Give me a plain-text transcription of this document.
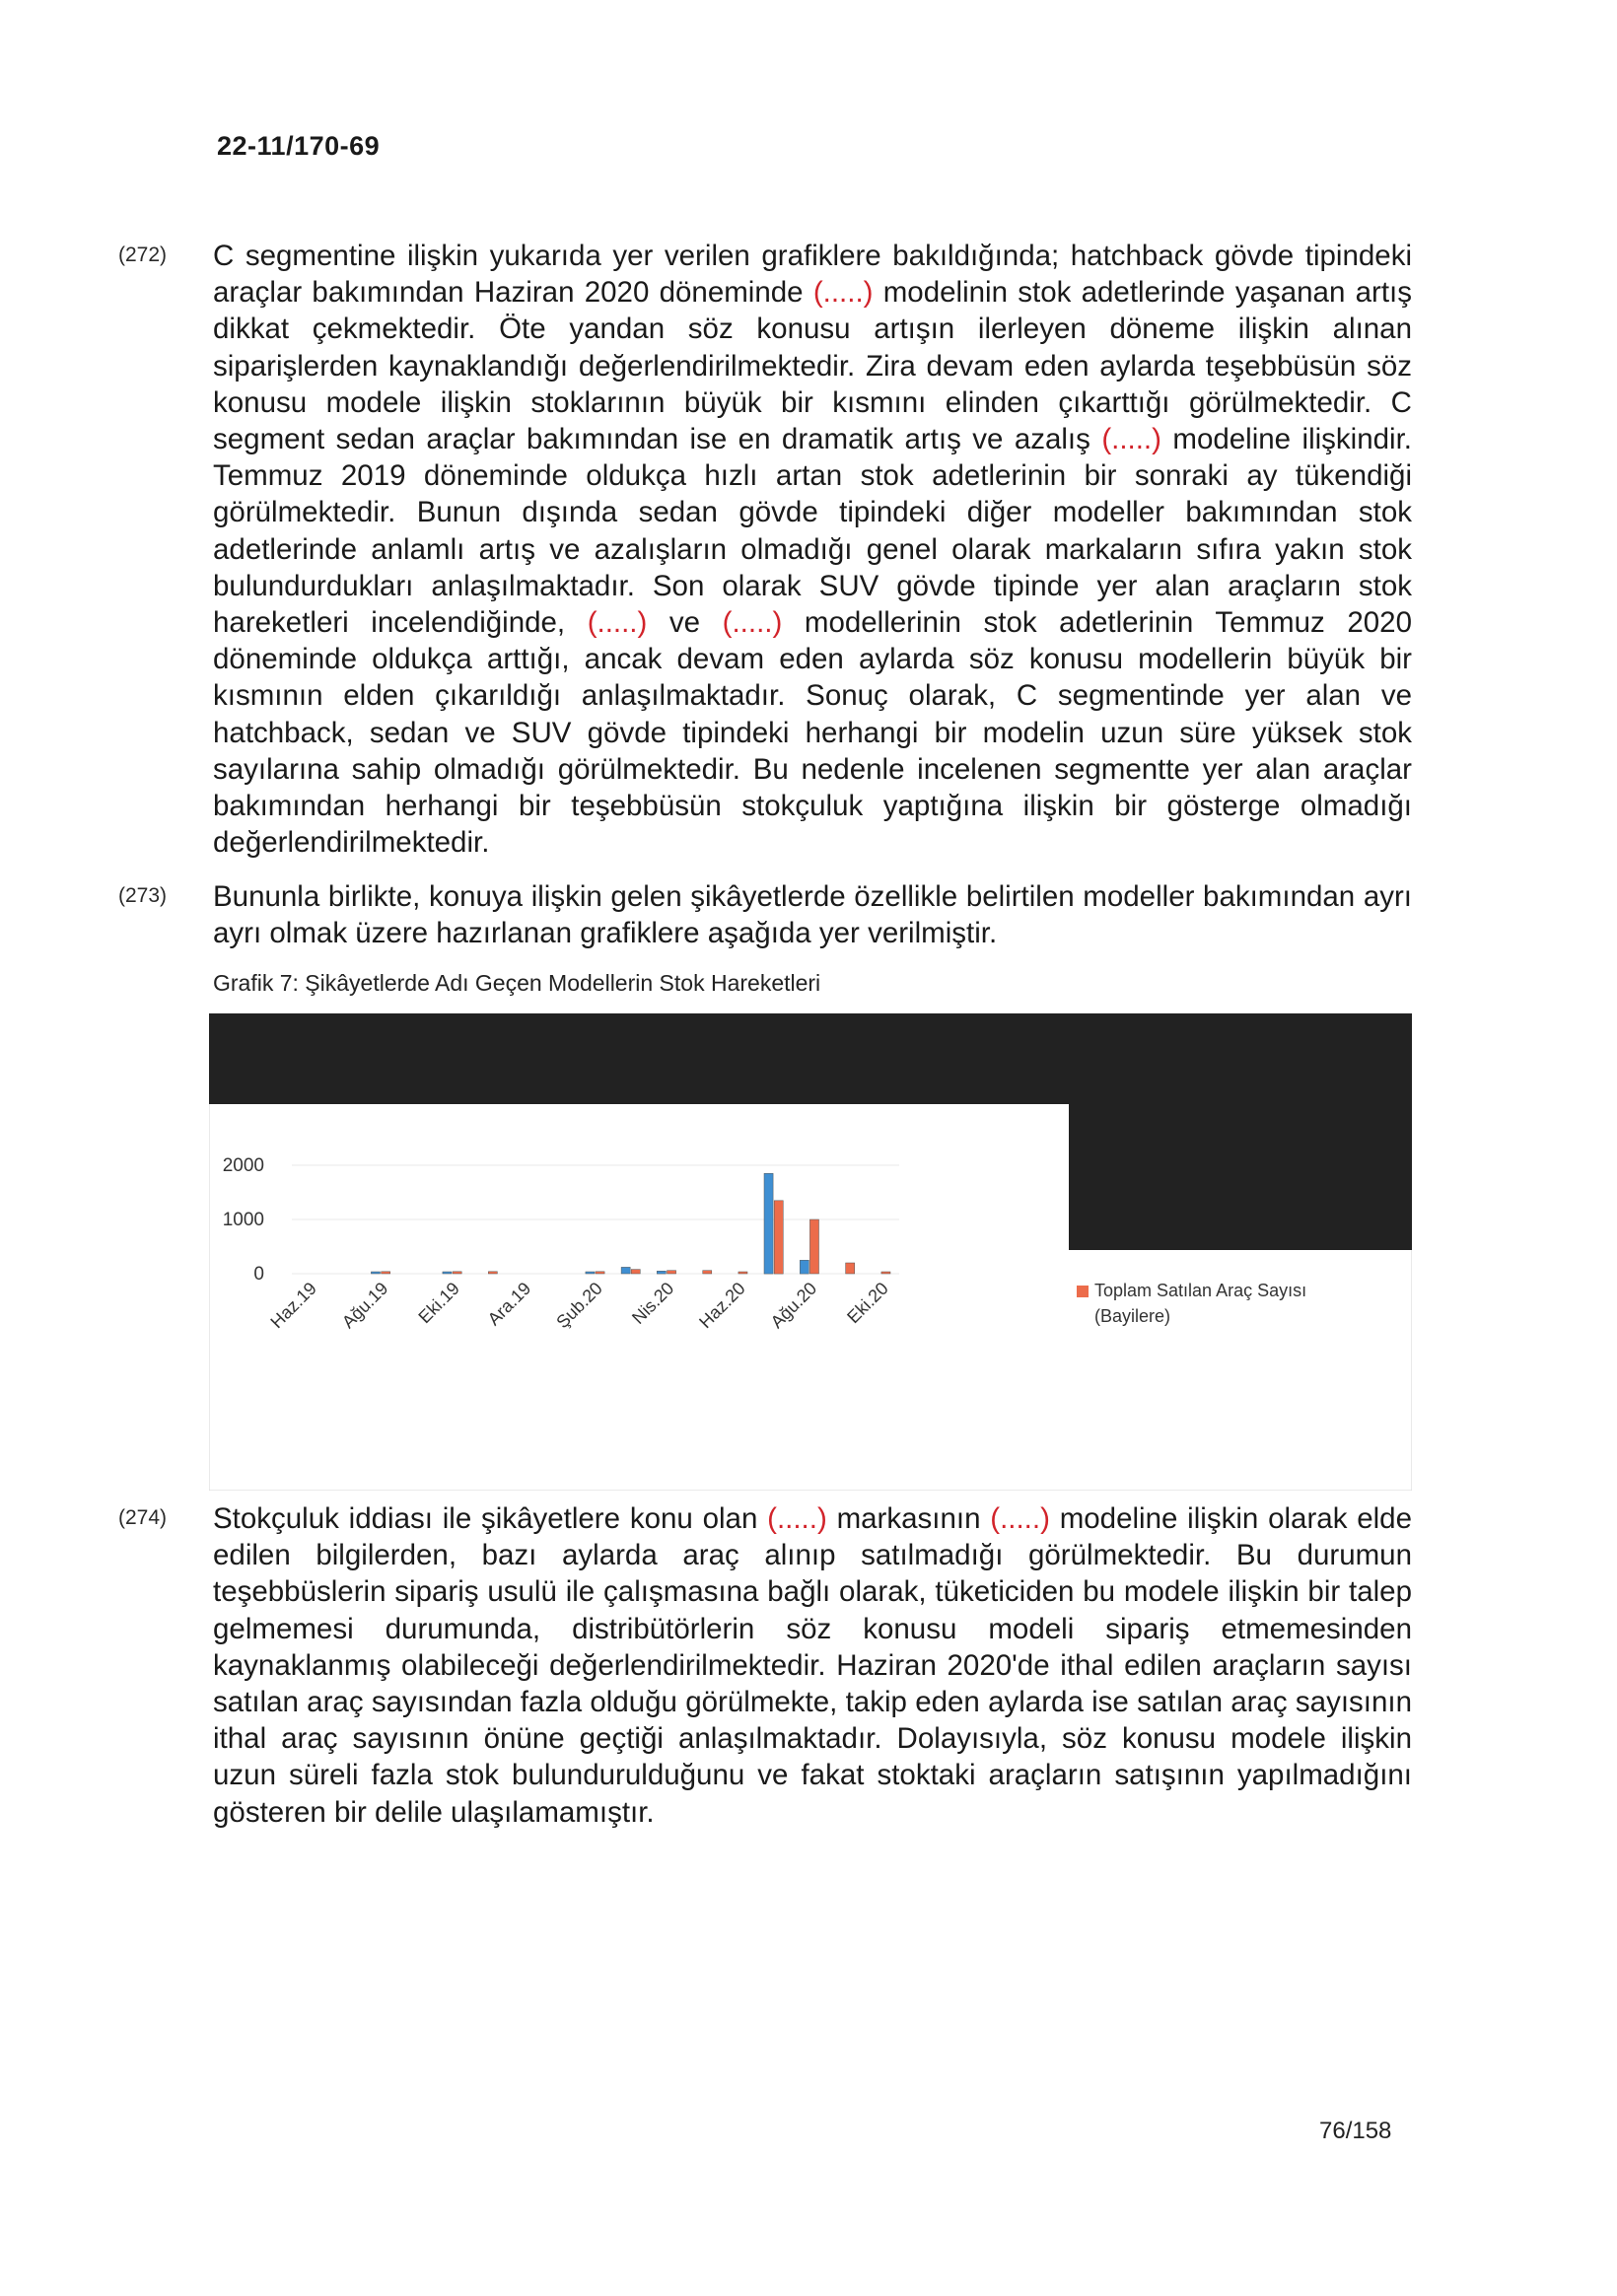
22-11/170-69
(272)	C segmentine ilişkin yukarıda yer verilen grafiklere bakıldığında; hatchback gövde tipindeki araçlar bakımından Haziran 2020 döneminde (.....) modelinin stok adetlerinde yaşanan artış dikkat çekmektedir. Öte yandan söz konusu artışın ilerleyen döneme ilişkin alınan siparişlerden kaynaklandığı değerlendirilmektedir. Zira devam eden aylarda teşebbüsün söz konusu modele ilişkin stoklarının büyük bir kısmını elinden çıkarttığı görülmektedir. C segment sedan araçlar bakımından ise en dramatik artış ve azalış (.....) modeline ilişkindir. Temmuz 2019 döneminde oldukça hızlı artan stok adetlerinin bir sonraki ay tükendiği görülmektedir. Bunun dışında sedan gövde tipindeki diğer modeller bakımından stok adetlerinde anlamlı artış ve azalışların olmadığı genel olarak markaların sıfıra yakın stok bulundurdukları anlaşılmaktadır. Son olarak SUV gövde tipinde yer alan araçların stok hareketleri incelendiğinde, (.....) ve (.....) modellerinin stok adetlerinin Temmuz 2020 döneminde oldukça arttığı, ancak devam eden aylarda söz konusu modellerin büyük bir kısmının elden çıkarıldığı anlaşılmaktadır. Sonuç olarak, C segmentinde yer alan ve hatchback, sedan ve SUV gövde tipindeki herhangi bir modelin uzun süre yüksek stok sayılarına sahip olmadığı görülmektedir. Bu nedenle incelenen segmentte yer alan araçlar bakımından herhangi bir teşebbüsün stokçuluk yaptığına ilişkin bir gösterge olmadığı değerlendirilmektedir.
(273)	Bununla birlikte, konuya ilişkin gelen şikâyetlerde özellikle belirtilen modeller bakımından ayrı ayrı olmak üzere hazırlanan grafiklere aşağıda yer verilmiştir.
Grafik 7: Şikâyetlerde Adı Geçen Modellerin Stok Hareketleri
0
1000
2000
Haz.19 Ağu.19 Eki.19 Ara.19 Şub.20 Nis.20 Haz.20 Ağu.20 Eki.20	Toplam Satılan Araç Sayısı
(Bayilere)
(274)	Stokçuluk iddiası ile şikâyetlere konu olan (.....) markasının (.....) modeline ilişkin olarak elde edilen bilgilerden, bazı aylarda araç alınıp satılmadığı görülmektedir. Bu durumun teşebbüslerin sipariş usulü ile çalışmasına bağlı olarak, tüketiciden bu modele ilişkin bir talep gelmemesi durumunda, distribütörlerin söz konusu modeli sipariş etmemesinden kaynaklanmış olabileceği değerlendirilmektedir. Haziran 2020'de ithal edilen araçların sayısı satılan araç sayısından fazla olduğu görülmekte, takip eden aylarda ise satılan araç sayısının ithal araç sayısının önüne geçtiği anlaşılmaktadır. Dolayısıyla, söz konusu modele ilişkin uzun süreli fazla stok bulundurulduğunu ve fakat stoktaki araçların satışının yapılmadığını gösteren bir delile ulaşılamamıştır.
76/158
